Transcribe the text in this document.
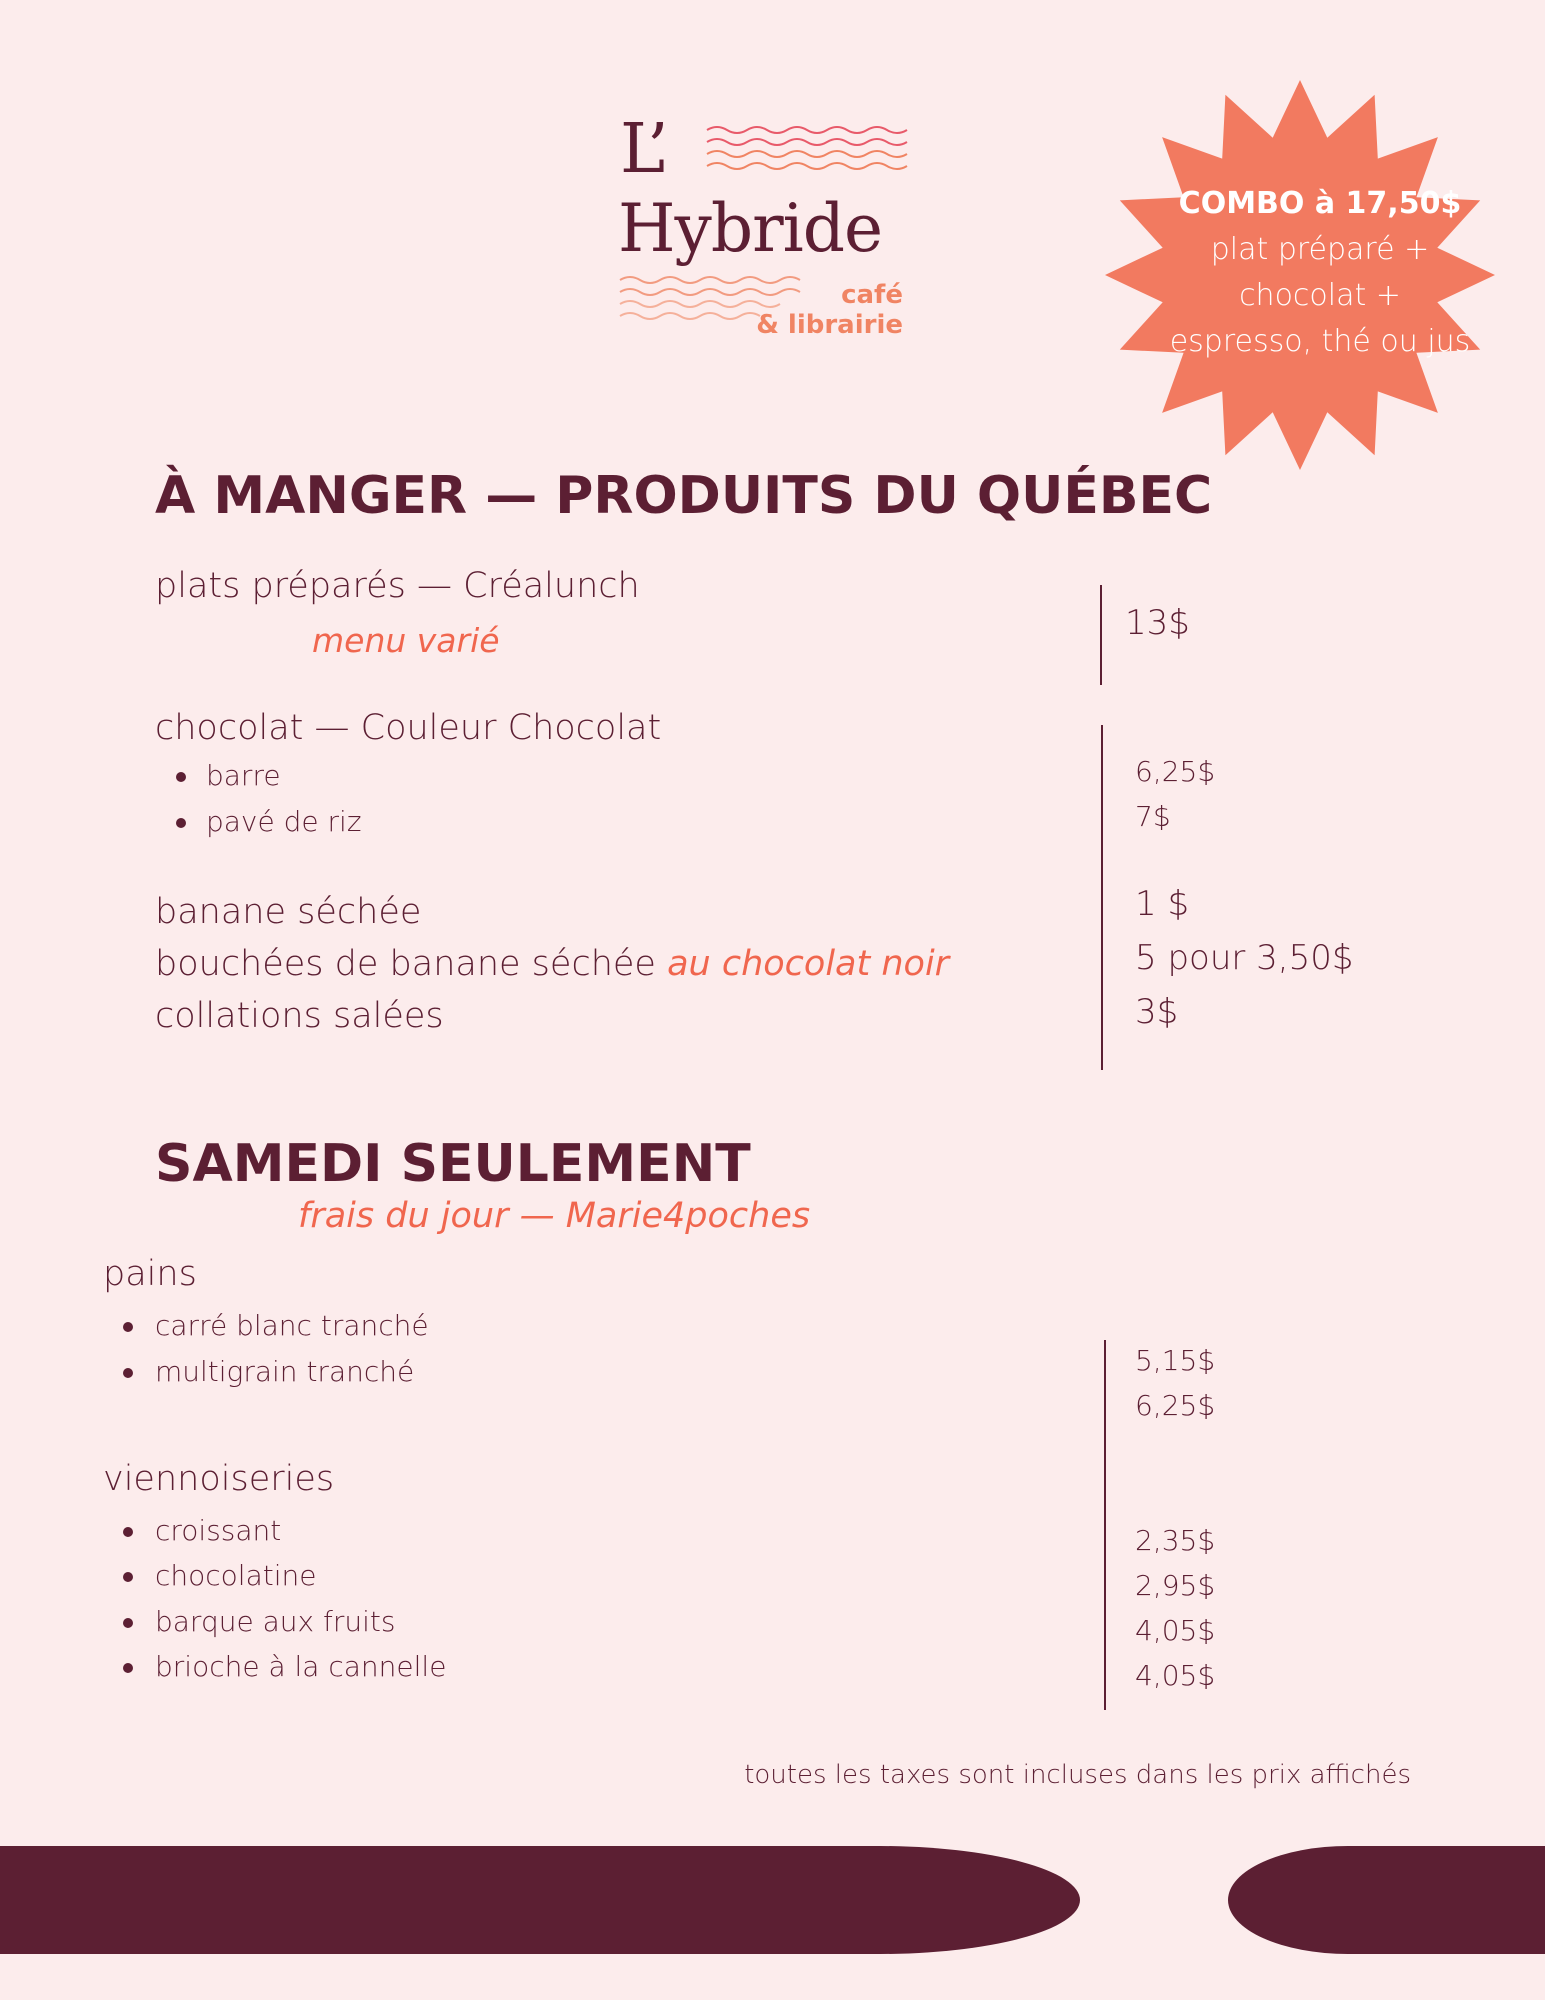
L’
Hybride
café
& librairie
COMBO à 17,50$
plat préparé +
chocolat +
espresso, thé ou jus
À MANGER — PRODUITS DU QUÉBEC
plats préparés — Créalunch
menu varié	13$
chocolat — Couleur Chocolat
barre
pavé de riz
6,25$
7$
banane séchée
bouchées de banane séchée au chocolat noir
collations salées
1 $
5 pour 3,50$
3$
SAMEDI SEULEMENT
frais du jour — Marie4poches
pains
carré blanc tranché
multigrain tranché
viennoiseries
croissant
chocolatine
barque aux fruits
brioche à la cannelle
5,15$
6,25$
2,35$
2,95$
4,05$
4,05$
toutes les taxes sont incluses dans les prix affichés
